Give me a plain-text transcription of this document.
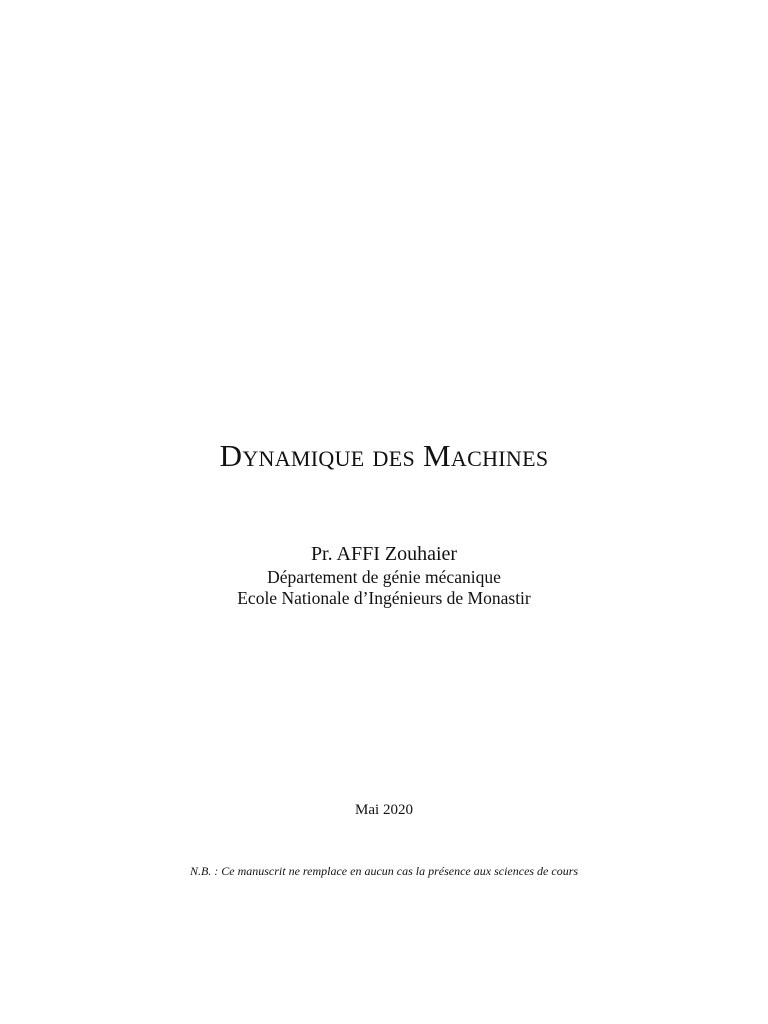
Dynamique des Machines
Pr. AFFI Zouhaier
Département de génie mécanique
Ecole Nationale d’Ingénieurs de Monastir
Mai 2020
N.B. : Ce manuscrit ne remplace en aucun cas la présence aux sciences de cours
